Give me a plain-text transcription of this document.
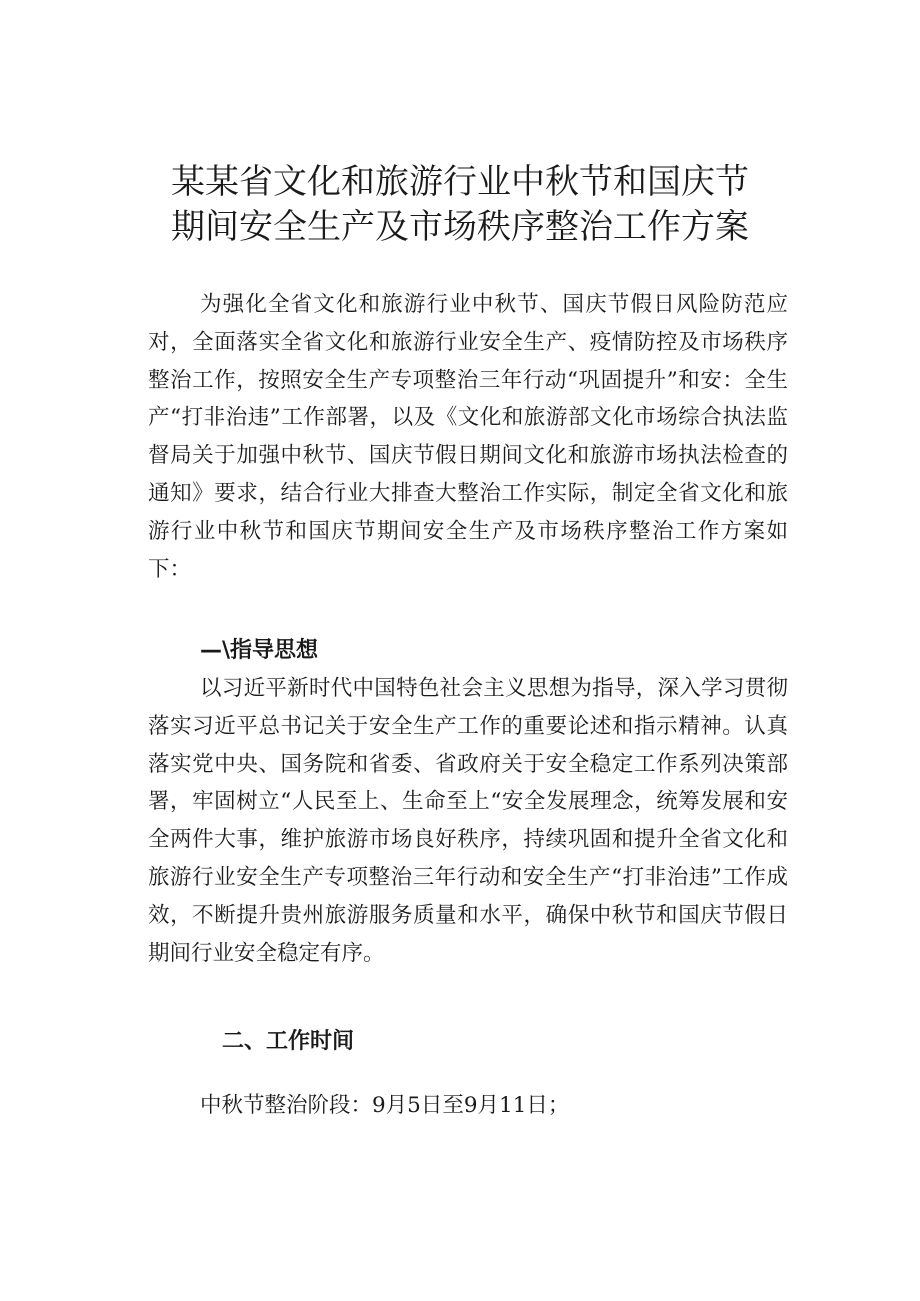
某某省文化和旅游行业中秋节和国庆节
期间安全生产及市场秩序整治工作方案

为强化全省文化和旅游行业中秋节、国庆节假日风险防范应对，全面落实全省文化和旅游行业安全生产、疫情防控及市场秩序整治工作，按照安全生产专项整治三年行动“巩固提升”和安：全生产“打非治违”工作部署，以及《文化和旅游部文化市场综合执法监督局关于加强中秋节、国庆节假日期间文化和旅游市场执法检查的通知》要求，结合行业大排查大整治工作实际，制定全省文化和旅游行业中秋节和国庆节期间安全生产及市场秩序整治工作方案如下：

—\指导思想

以习近平新时代中国特色社会主义思想为指导，深入学习贯彻落实习近平总书记关于安全生产工作的重要论述和指示精神。认真落实党中央、国务院和省委、省政府关于安全稳定工作系列决策部署，牢固树立“人民至上、生命至上“安全发展理念，统筹发展和安全两件大事，维护旅游市场良好秩序，持续巩固和提升全省文化和旅游行业安全生产专项整治三年行动和安全生产“打非治违”工作成效，不断提升贵州旅游服务质量和水平，确保中秋节和国庆节假日期间行业安全稳定有序。

二、工作时间

中秋节整治阶段：9月5日至9月11日；
